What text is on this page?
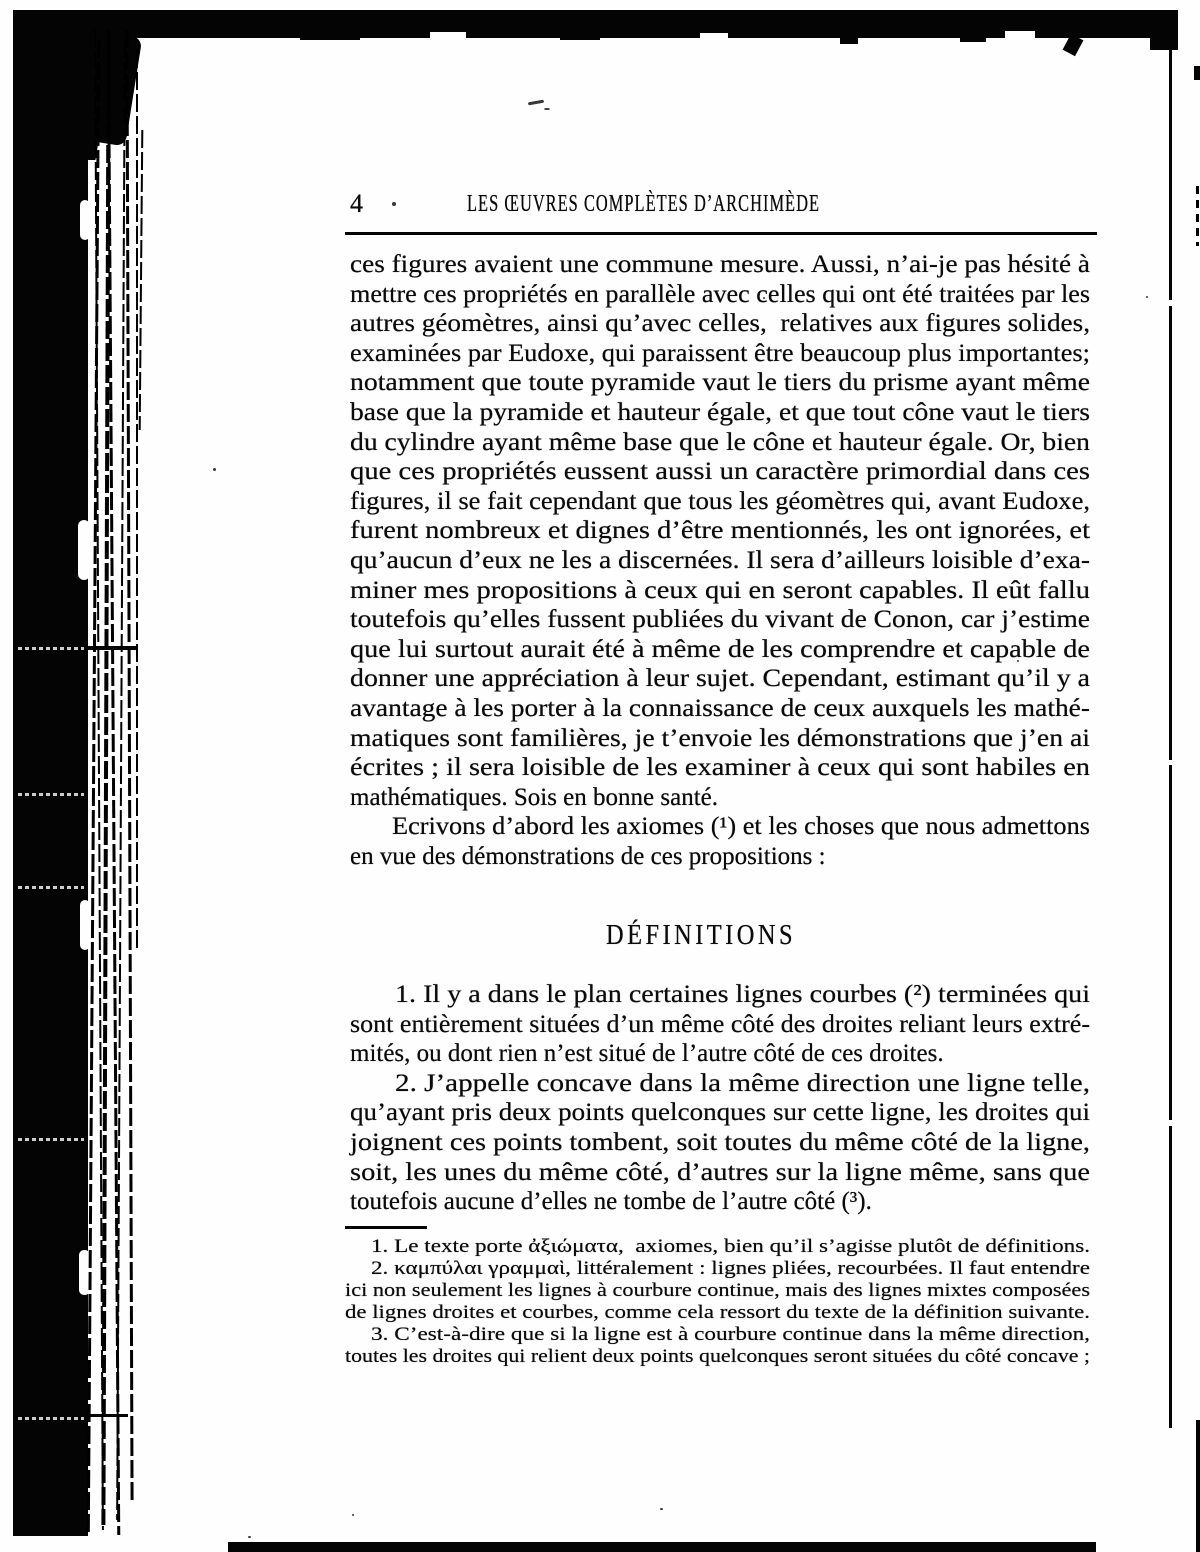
4	LES ŒUVRES COMPLÈTES D’ARCHIMÈDE
ces figures avaient une commune mesure. Aussi, n’ai-je pas hésité à
mettre ces propriétés en parallèle avec celles qui ont été traitées par les
autres géomètres, ainsi qu’avec celles,  relatives aux figures solides,
examinées par Eudoxe, qui paraissent être beaucoup plus importantes;
notamment que toute pyramide vaut le tiers du prisme ayant même
base que la pyramide et hauteur égale, et que tout cône vaut le tiers
du cylindre ayant même base que le cône et hauteur égale. Or, bien
que ces propriétés eussent aussi un caractère primordial dans ces
figures, il se fait cependant que tous les géomètres qui, avant Eudoxe,
furent nombreux et dignes d’être mentionnés, les ont ignorées, et
qu’aucun d’eux ne les a discernées. Il sera d’ailleurs loisible d’exa-
miner mes propositions à ceux qui en seront capables. Il eût fallu
toutefois qu’elles fussent publiées du vivant de Conon, car j’estime
que lui surtout aurait été à même de les comprendre et capable de
donner une appréciation à leur sujet. Cependant, estimant qu’il y a
avantage à les porter à la connaissance de ceux auxquels les mathé-
matiques sont familières, je t’envoie les démonstrations que j’en ai
écrites ; il sera loisible de les examiner à ceux qui sont habiles en
mathématiques. Sois en bonne santé.
Ecrivons d’abord les axiomes (¹) et les choses que nous admettons
en vue des démonstrations de ces propositions :
DÉFINITIONS
1. Il y a dans le plan certaines lignes courbes (²) terminées qui
sont entièrement situées d’un même côté des droites reliant leurs extré-
mités, ou dont rien n’est situé de l’autre côté de ces droites.
2. J’appelle concave dans la même direction une ligne telle,
qu’ayant pris deux points quelconques sur cette ligne, les droites qui
joignent ces points tombent, soit toutes du même côté de la ligne,
soit, les unes du même côté, d’autres sur la ligne même, sans que
toutefois aucune d’elles ne tombe de l’autre côté (³).
1. Le texte porte ἀξιώματα,  axiomes, bien qu’il s’agisse plutôt de définitions.
2. καμπύλαι γραμμαὶ, littéralement : lignes pliées, recourbées. Il faut entendre
ici non seulement les lignes à courbure continue, mais des lignes mixtes composées
de lignes droites et courbes, comme cela ressort du texte de la définition suivante.
3. C’est-à-dire que si la ligne est à courbure continue dans la même direction,
toutes les droites qui relient deux points quelconques seront situées du côté concave ;
